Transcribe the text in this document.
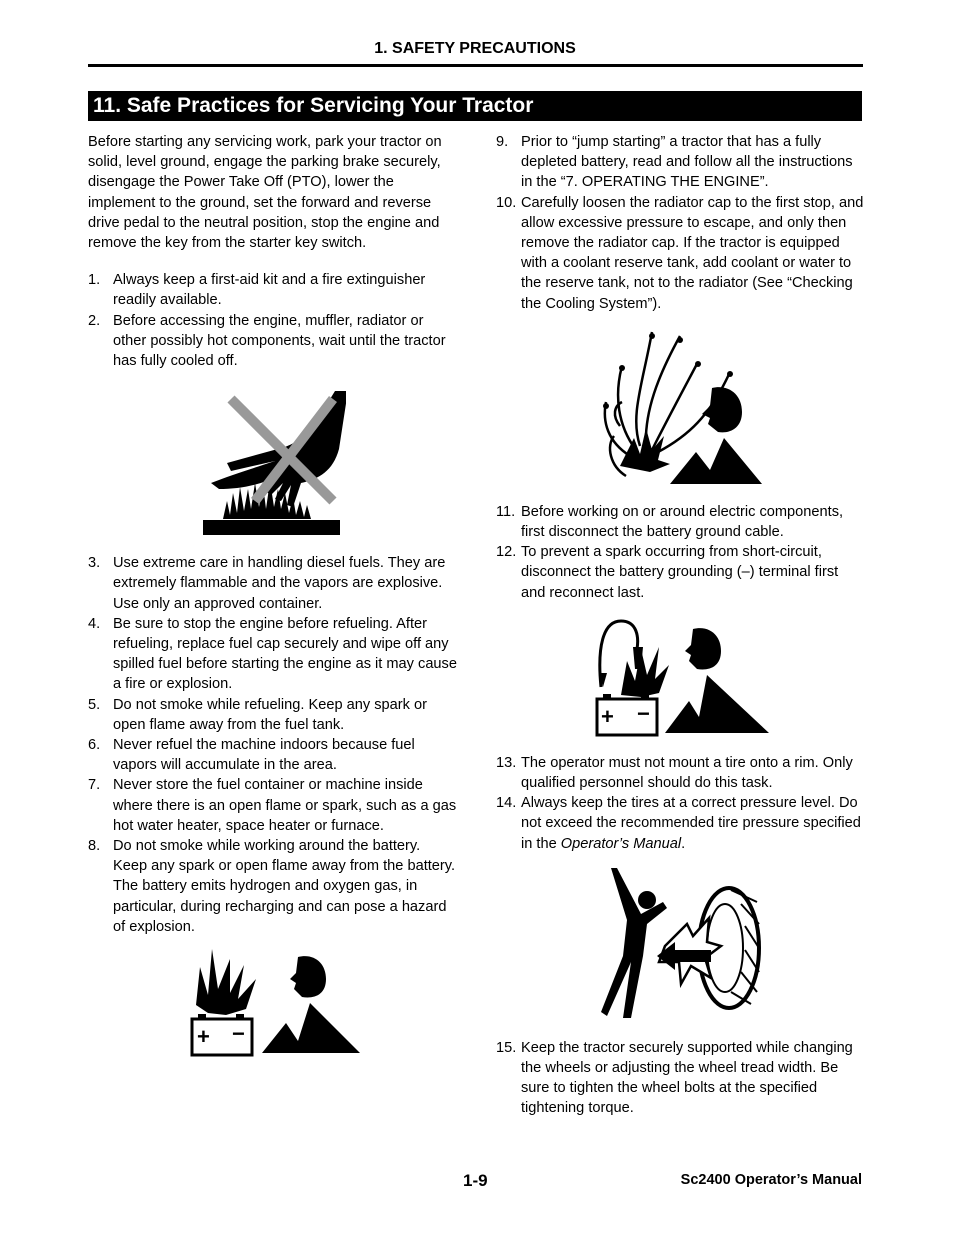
1. SAFETY PRECAUTIONS
11. Safe Practices for Servicing Your Tractor

Before starting any servicing work, park your tractor on solid, level ground, engage the parking brake securely, disengage the Power Take Off (PTO), lower the implement to the ground, set the forward and reverse drive pedal to the neutral position, stop the engine and remove the key from the starter key switch.

1. Always keep a first-aid kit and a fire extinguisher readily available.
2. Before accessing the engine, muffler, radiator or other possibly hot components, wait until the tractor has fully cooled off.
3. Use extreme care in handling diesel fuels. They are extremely flammable and the vapors are explosive. Use only an approved container.
4. Be sure to stop the engine before refueling. After refueling, replace fuel cap securely and wipe off any spilled fuel before starting the engine as it may cause a fire or explosion.
5. Do not smoke while refueling. Keep any spark or open flame away from the fuel tank.
6. Never refuel the machine indoors because fuel vapors will accumulate in the area.
7. Never store the fuel container or machine inside where there is an open flame or spark, such as a gas hot water heater, space heater or furnace.
8. Do not smoke while working around the battery. Keep any spark or open flame away from the battery. The battery emits hydrogen and oxygen gas, in particular, during recharging and can pose a hazard of explosion.
+ −
9. Prior to “jump starting” a tractor that has a fully depleted battery, read and follow all the instructions in the “7. OPERATING THE ENGINE”.
10. Carefully loosen the radiator cap to the first stop, and allow excessive pressure to escape, and only then remove the radiator cap. If the tractor is equipped with a coolant reserve tank, add coolant or water to the reserve tank, not to the radiator (See “Checking the Cooling System”).
11. Before working on or around electric components, first disconnect the battery ground cable.
12. To prevent a spark occurring from short-circuit, disconnect the battery grounding (–) terminal first and reconnect last.
+ −
13. The operator must not mount a tire onto a rim. Only qualified personnel should do this task.
14. Always keep the tires at a correct pressure level. Do not exceed the recommended tire pressure specified in the Operator’s Manual.
15. Keep the tractor securely supported while changing the wheels or adjusting the wheel tread width. Be sure to tighten the wheel bolts at the specified tightening torque.
1-9	Sc2400 Operator’s Manual
